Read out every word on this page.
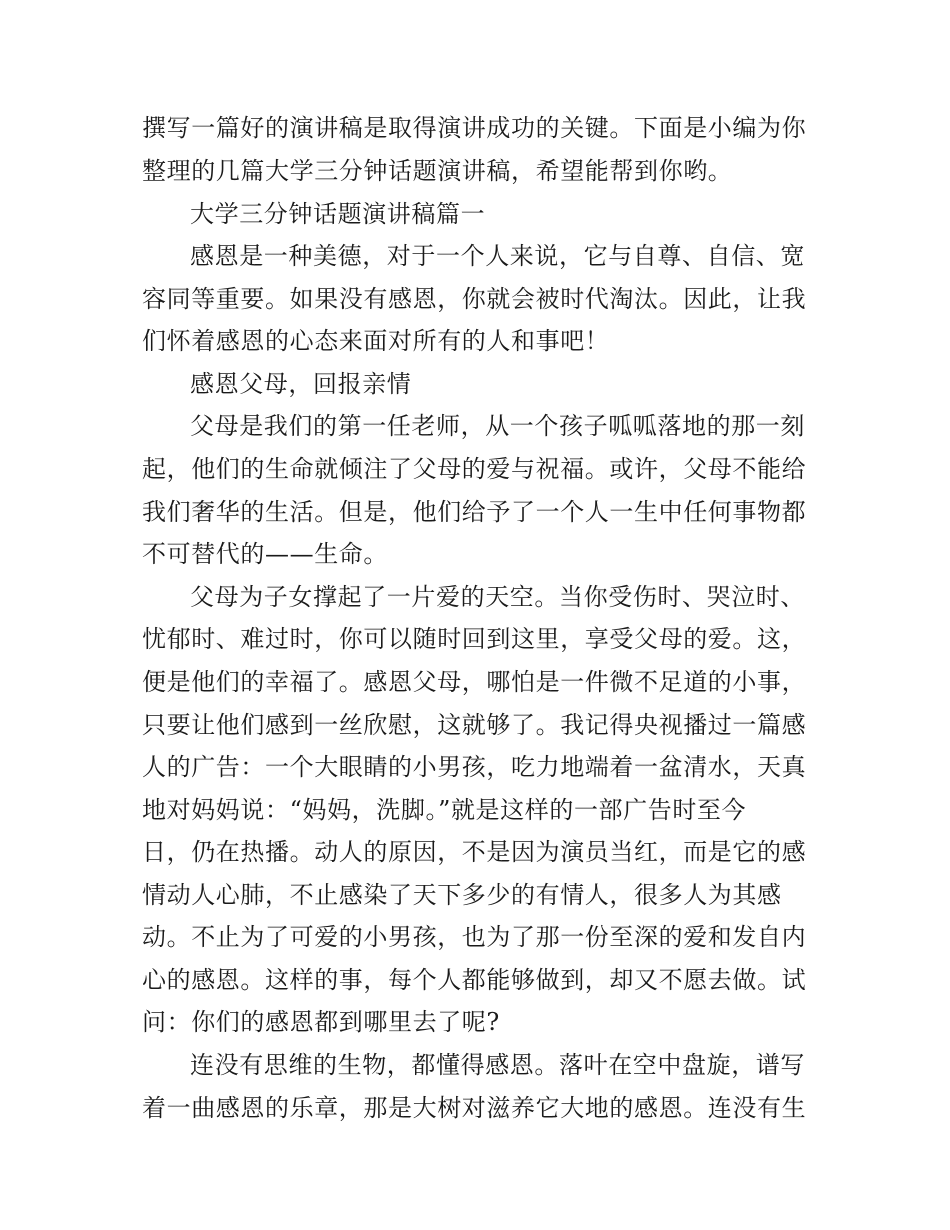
撰写一篇好的演讲稿是取得演讲成功的关键。下面是小编为你
整理的几篇大学三分钟话题演讲稿，希望能帮到你哟。
大学三分钟话题演讲稿篇一
感恩是一种美德，对于一个人来说，它与自尊、自信、宽
容同等重要。如果没有感恩，你就会被时代淘汰。因此，让我
们怀着感恩的心态来面对所有的人和事吧！
感恩父母，回报亲情
父母是我们的第一任老师，从一个孩子呱呱落地的那一刻
起，他们的生命就倾注了父母的爱与祝福。或许，父母不能给
我们奢华的生活。但是，他们给予了一个人一生中任何事物都
不可替代的——生命。
父母为子女撑起了一片爱的天空。当你受伤时、哭泣时、
忧郁时、难过时，你可以随时回到这里，享受父母的爱。这，
便是他们的幸福了。感恩父母，哪怕是一件微不足道的小事，
只要让他们感到一丝欣慰，这就够了。我记得央视播过一篇感
人的广告：一个大眼睛的小男孩，吃力地端着一盆清水，天真
地对妈妈说：“妈妈，洗脚。”就是这样的一部广告时至今
日，仍在热播。动人的原因，不是因为演员当红，而是它的感
情动人心肺，不止感染了天下多少的有情人，很多人为其感
动。不止为了可爱的小男孩，也为了那一份至深的爱和发自内
心的感恩。这样的事，每个人都能够做到，却又不愿去做。试
问：你们的感恩都到哪里去了呢?
连没有思维的生物，都懂得感恩。落叶在空中盘旋，谱写
着一曲感恩的乐章，那是大树对滋养它大地的感恩。连没有生
